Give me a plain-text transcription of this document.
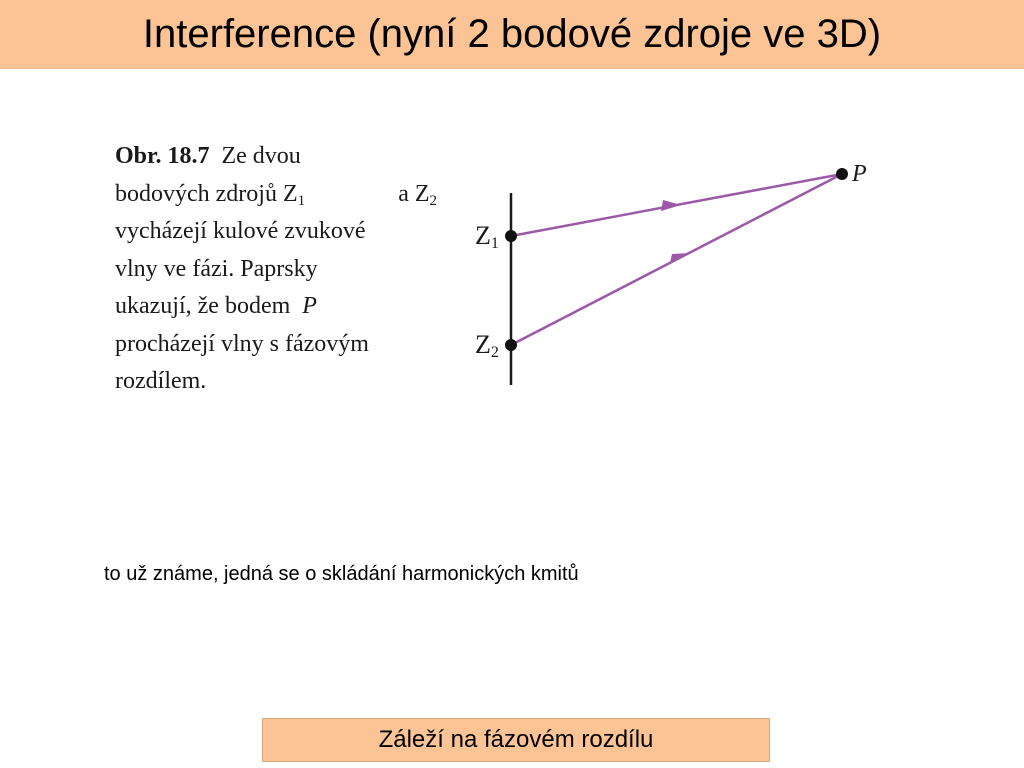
Interference (nyní 2 bodové zdroje ve 3D)
Obr. 18.7 Ze dvou
bodových zdrojů $Z_1$	a $Z_2$
vycházejí kulové zvukové
vlny ve fázi. Paprsky
ukazují, že bodem P
procházejí vlny s fázovým
rozdílem.
Z1
Z2
P
to už známe, jedná se o skládání harmonických kmitů
Záleží na fázovém rozdílu
